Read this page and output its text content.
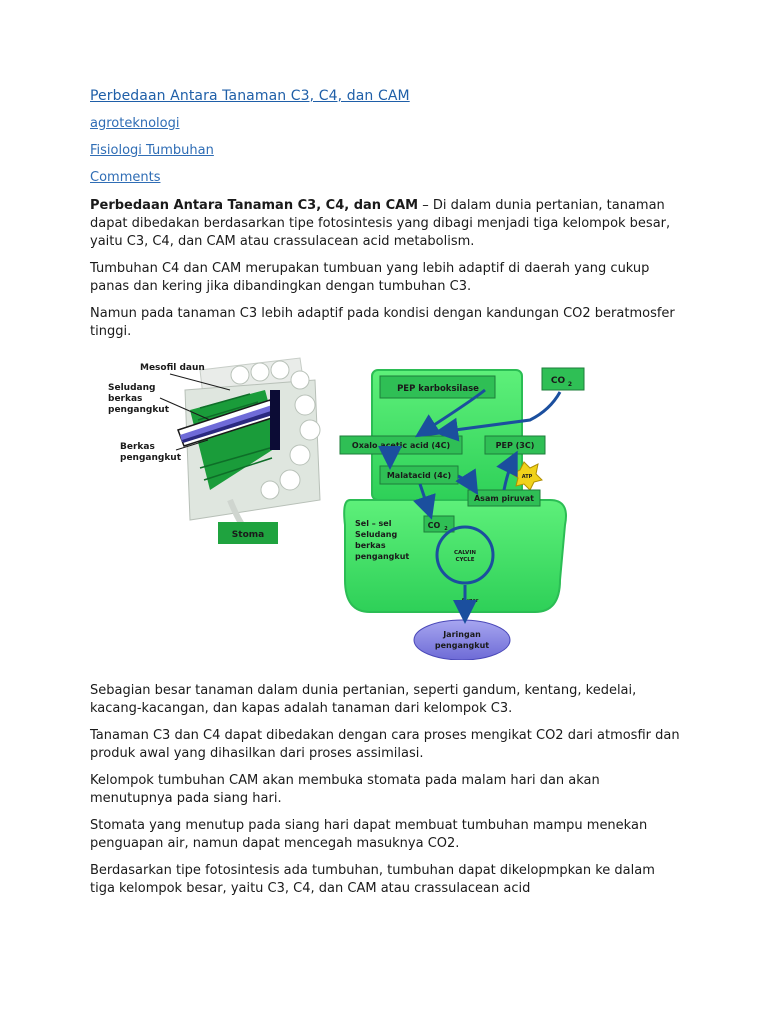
Perbedaan Antara Tanaman C3, C4, dan CAM
agroteknologi
Fisiologi Tumbuhan
Comments

Perbedaan Antara Tanaman C3, C4, dan CAM – Di dalam dunia pertanian, tanaman dapat dibedakan berdasarkan tipe fotosintesis yang dibagi menjadi tiga kelompok besar, yaitu C3, C4, dan CAM atau crassulacean acid metabolism.

Tumbuhan C4 dan CAM merupakan tumbuan yang lebih adaptif di daerah yang cukup panas dan kering jika dibandingkan dengan tumbuhan C3.

Namun pada tanaman C3 lebih adaptif pada kondisi dengan kandungan CO2 beratmosfer tinggi.

Stoma
Mesofil daun
Seludang
berkas
pengangkut
Berkas
pengangkut
PEP karboksilase
CO 2
Oxalo acetic acid (4C)	PEP (3C)
Malatacid (4c)	ATP
Asam piruvat
Sel – sel
Seludang
berkas
pengangkut
CO 2
CALVIN
CYCLE
Sugar
Jaringan
pengangkut

Sebagian besar tanaman dalam dunia pertanian, seperti gandum, kentang, kedelai, kacang-kacangan, dan kapas adalah tanaman dari kelompok C3.

Tanaman C3 dan C4 dapat dibedakan dengan cara proses mengikat CO2 dari atmosfir dan produk awal yang dihasilkan dari proses assimilasi.

Kelompok tumbuhan CAM akan membuka stomata pada malam hari dan akan menutupnya pada siang hari.

Stomata yang menutup pada siang hari dapat membuat tumbuhan mampu menekan penguapan air, namun dapat mencegah masuknya CO2.

Berdasarkan tipe fotosintesis ada tumbuhan, tumbuhan dapat dikelopmpkan ke dalam tiga kelompok besar, yaitu C3, C4, dan CAM atau crassulacean acid
